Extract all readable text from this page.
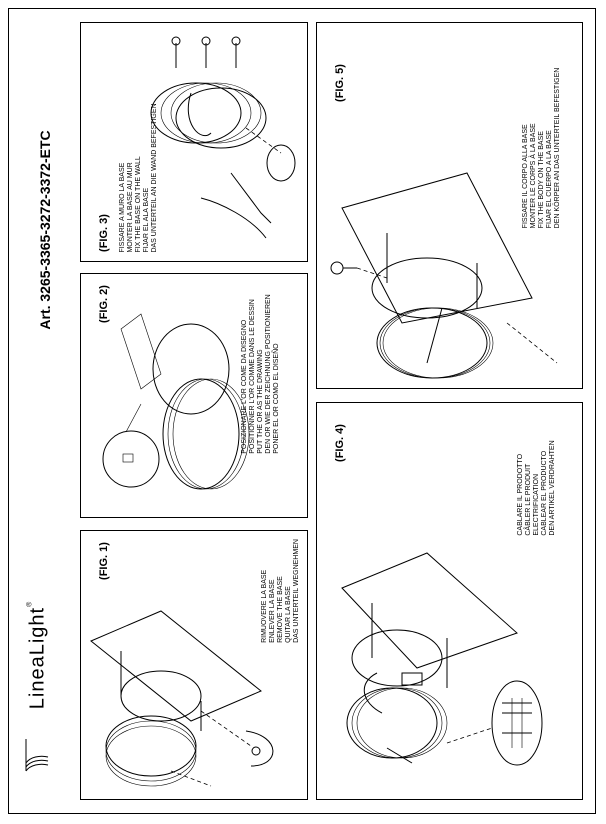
LineaLight®
Art. 3265-3365-3272-3372-ETC
(FIG. 1)
RIMUOVERE LA BASE ENLEVER LA BASE REMOVE THE BASE QUITAR LA BASE DAS UNTERTEIL WEGNEHMEN
(FIG. 2)
POSIZIONARE L'OR COME DA DISEGNO POSITIONNER L'OR COMME DANS LE DESSIN PUT THE OR AS THE DRAWING DEN OR WIE DER ZEICHNUNG POSITIONIEREN PONER EL OR COMO EL DISEÑO
(FIG. 3) FISSARE A MURO LA BASE MONTER LA BASE AU MUR FIX THE BASE ON THE WALL FIJAR EL ALA BASE DAS UNTERTEIL AN DIE WAND BEFESTIGEN
(FIG. 4)
CABLARE IL PRODOTTO CÂBLER LE PRODUIT ELECTRIFICATION CABLEAR EL PRODUCTO DEN ARTIKEL VERDRAHTEN
(FIG. 5)
FISSARE IL CORPO ALLA BASE MONTER LE CORPS À LA BASE FIX THE BODY ON THE BASE FIJAR EL CUERPO A LA BASE DEN KÖRPER AN DAS UNTERTEIL BEFESTIGEN
